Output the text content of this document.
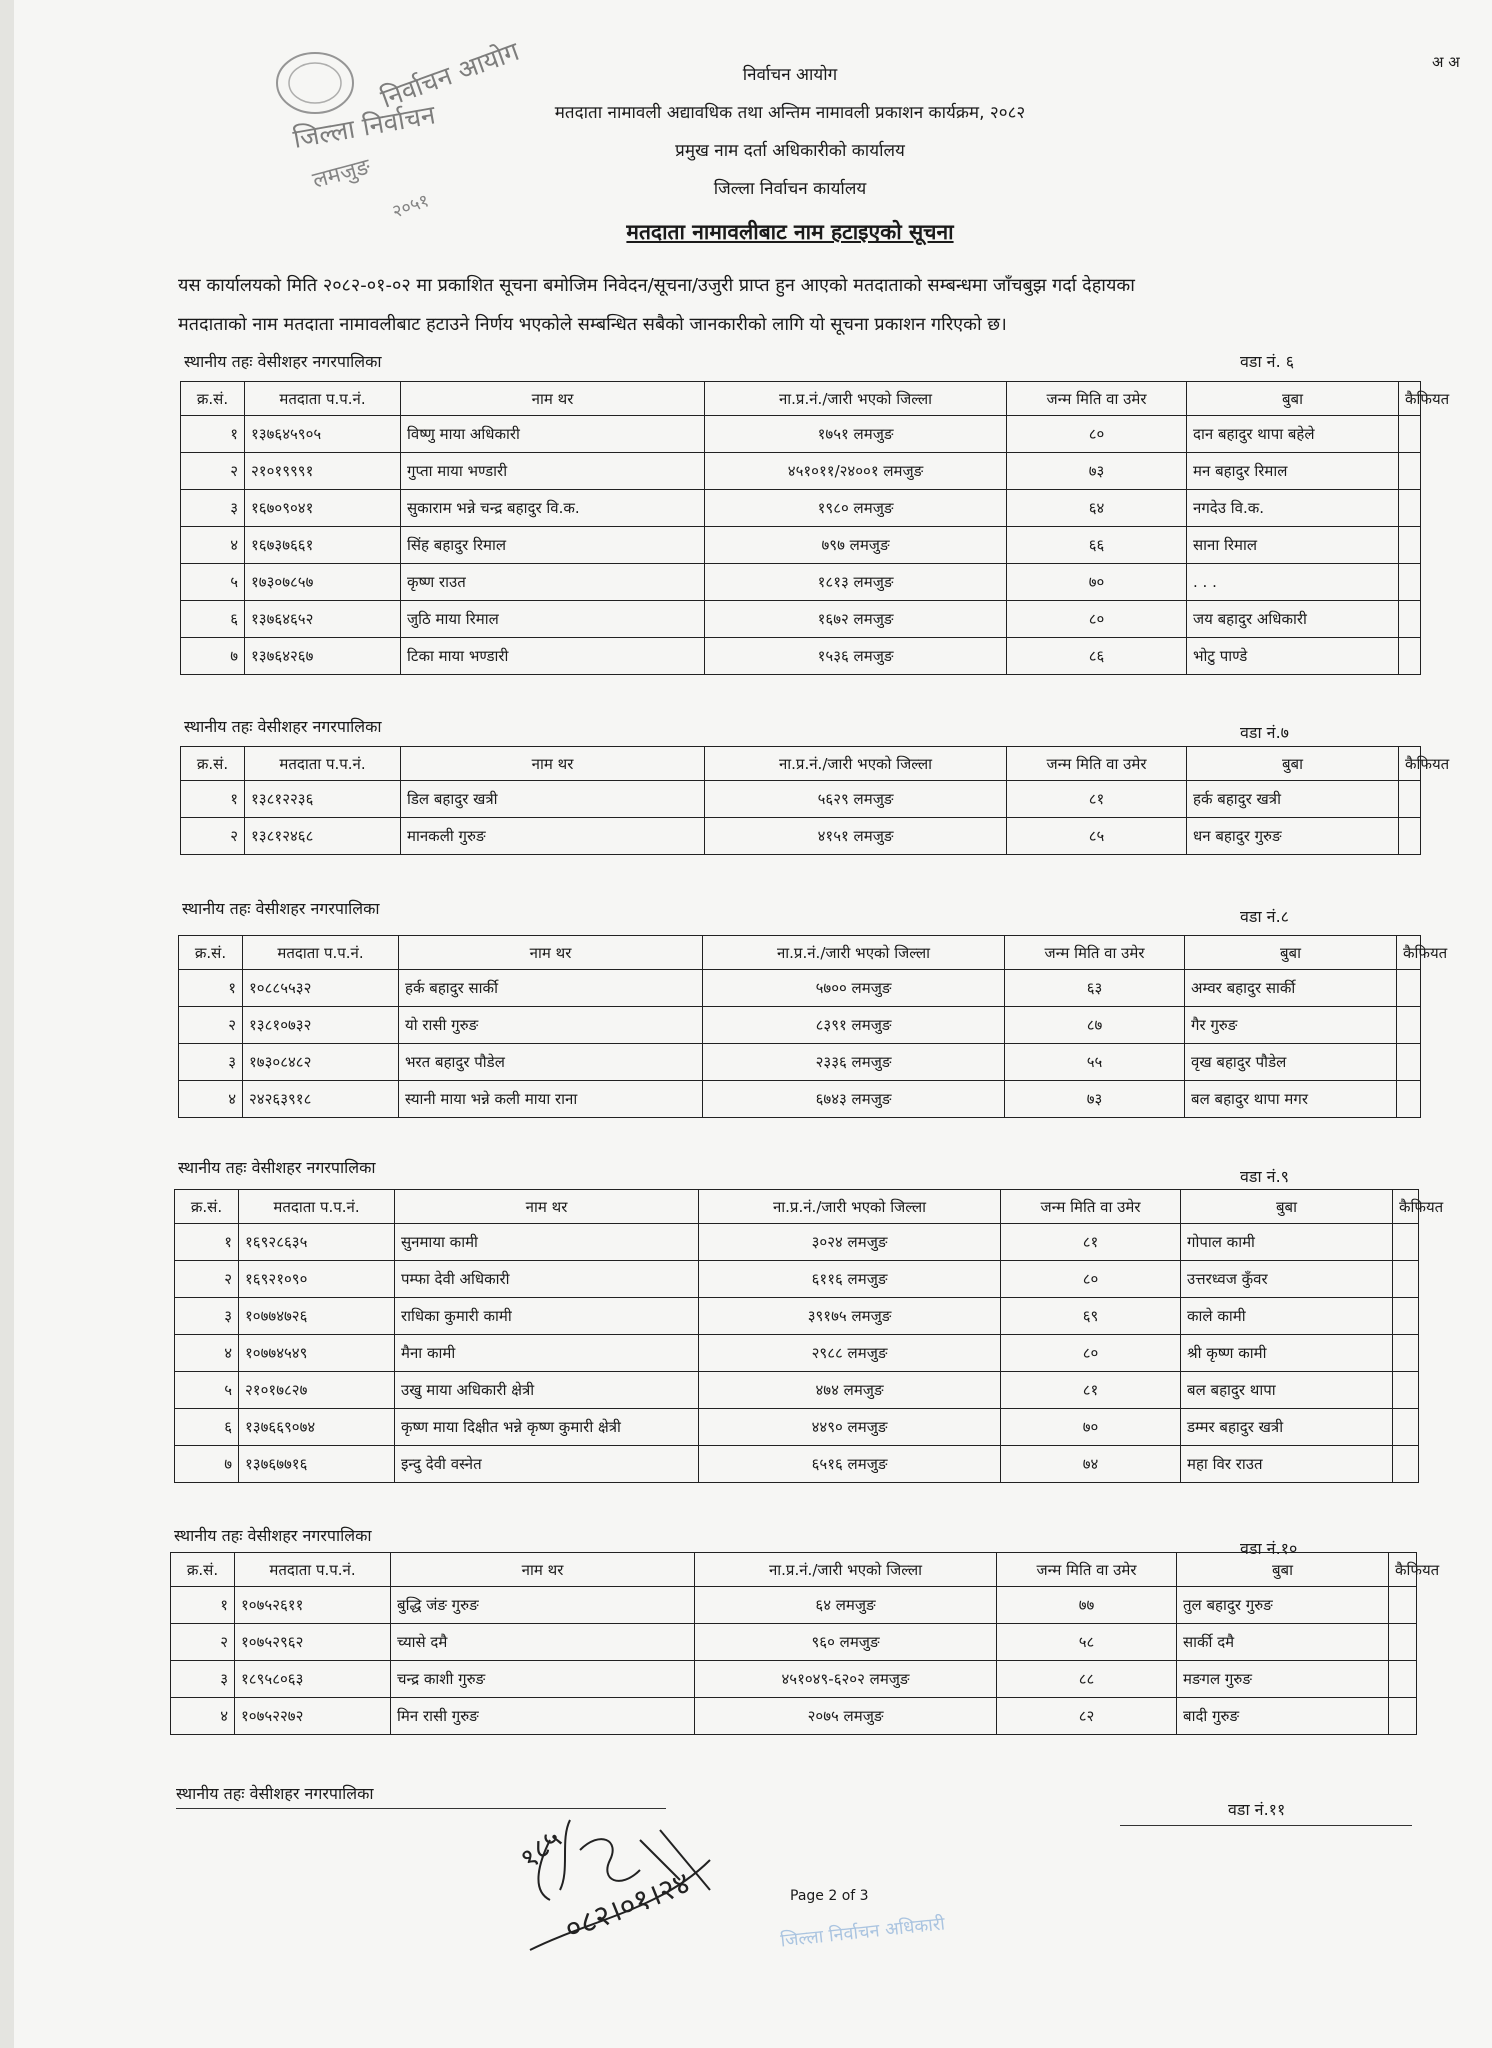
निर्वाचन आयोग
जिल्ला निर्वाचन
लमजुङ
२०५१
निर्वाचन आयोग
मतदाता नामावली अद्यावधिक तथा अन्तिम नामावली प्रकाशन कार्यक्रम, २०८२
प्रमुख नाम दर्ता अधिकारीको कार्यालय
जिल्ला निर्वाचन कार्यालय
अ अ
मतदाता नामावलीबाट नाम हटाइएको सूचना
यस कार्यालयको मिति २०८२-०१-०२ मा प्रकाशित सूचना बमोजिम निवेदन/सूचना/उजुरी प्राप्त हुन आएको मतदाताको सम्बन्धमा जाँचबुझ गर्दा देहायका
मतदाताको नाम मतदाता नामावलीबाट हटाउने निर्णय भएकोले सम्बन्धित सबैको जानकारीको लागि यो सूचना प्रकाशन गरिएको छ।
स्थानीय तहः वेसीशहर नगरपालिका	वडा नं. ६
क्र.सं.	मतदाता प.प.नं.	नाम थर	ना.प्र.नं./जारी भएको जिल्ला	जन्म मिति वा उमेर	बुबा	कैफियत
१	१३७६४५९०५	विष्णु माया अधिकारी	१७५१ लमजुङ	८०	दान बहादुर थापा बहेले	
२	२१०१९९९१	गुप्ता माया भण्डारी	४५१०११/२४००१ लमजुङ	७३	मन बहादुर रिमाल	
३	१६७०९०४१	सुकाराम भन्ने चन्द्र बहादुर वि.क.	१९८० लमजुङ	६४	नगदेउ वि.क.	
४	१६७३७६६१	सिंह बहादुर रिमाल	७९७ लमजुङ	६६	साना रिमाल	
५	१७३०७८५७	कृष्ण राउत	१८१३ लमजुङ	७०	. . .	
६	१३७६४६५२	जुठि माया रिमाल	१६७२ लमजुङ	८०	जय बहादुर अधिकारी	
७	१३७६४२६७	टिका माया भण्डारी	१५३६ लमजुङ	८६	भोटु पाण्डे	
स्थानीय तहः वेसीशहर नगरपालिका	वडा नं.७
क्र.सं.	मतदाता प.प.नं.	नाम थर	ना.प्र.नं./जारी भएको जिल्ला	जन्म मिति वा उमेर	बुबा	कैफियत
१	१३८१२२३६	डिल बहादुर खत्री	५६२९ लमजुङ	८१	हर्क बहादुर खत्री	
२	१३८१२४६८	मानकली गुरुङ	४१५१ लमजुङ	८५	धन बहादुर गुरुङ	
स्थानीय तहः वेसीशहर नगरपालिका	वडा नं.८
क्र.सं.	मतदाता प.प.नं.	नाम थर	ना.प्र.नं./जारी भएको जिल्ला	जन्म मिति वा उमेर	बुबा	कैफियत
१	१०८८५५३२	हर्क बहादुर सार्की	५७०० लमजुङ	६३	अम्वर बहादुर सार्की	
२	१३८१०७३२	यो रासी गुरुङ	८३९१ लमजुङ	८७	गैर गुरुङ	
३	१७३०८४८२	भरत बहादुर पौडेल	२३३६ लमजुङ	५५	वृख बहादुर पौडेल	
४	२४२६३९१८	स्यानी माया भन्ने कली माया राना	६७४३ लमजुङ	७३	बल बहादुर थापा मगर	
स्थानीय तहः वेसीशहर नगरपालिका	वडा नं.९
क्र.सं.	मतदाता प.प.नं.	नाम थर	ना.प्र.नं./जारी भएको जिल्ला	जन्म मिति वा उमेर	बुबा	कैफियत
१	१६९२८६३५	सुनमाया कामी	३०२४ लमजुङ	८१	गोपाल कामी	
२	१६९२१०९०	पम्फा देवी अधिकारी	६११६ लमजुङ	८०	उत्तरध्वज कुँवर	
३	१०७७४७२६	राधिका कुमारी कामी	३९१७५ लमजुङ	६९	काले कामी	
४	१०७७४५४९	मैना कामी	२९८८ लमजुङ	८०	श्री कृष्ण कामी	
५	२१०१७८२७	उखु माया अधिकारी क्षेत्री	४७४ लमजुङ	८१	बल बहादुर थापा	
६	१३७६६९०७४	कृष्ण माया दिक्षीत भन्ने कृष्ण कुमारी क्षेत्री	४४९० लमजुङ	७०	डम्मर बहादुर खत्री	
७	१३७६७७१६	इन्दु देवी वस्नेत	६५१६ लमजुङ	७४	महा विर राउत	
स्थानीय तहः वेसीशहर नगरपालिका
वडा नं.१०
क्र.सं.	मतदाता प.प.नं.	नाम थर	ना.प्र.नं./जारी भएको जिल्ला	जन्म मिति वा उमेर	बुबा	कैफियत
१	१०७५२६११	बुद्धि जंङ गुरुङ	६४ लमजुङ	७७	तुल बहादुर गुरुङ	
२	१०७५२९६२	च्यासे दमै	९६० लमजुङ	५८	सार्की दमै	
३	१८९५८०६३	चन्द्र काशी गुरुङ	४५१०४९-६२०२ लमजुङ	८८	मङगल गुरुङ	
४	१०७५२२७२	मिन रासी गुरुङ	२०७५ लमजुङ	८२	बादी गुरुङ	
स्थानीय तहः वेसीशहर नगरपालिका
वडा नं.११
०८२।०१।२४
१८५
जिल्ला निर्वाचन अधिकारी
Page 2 of 3
